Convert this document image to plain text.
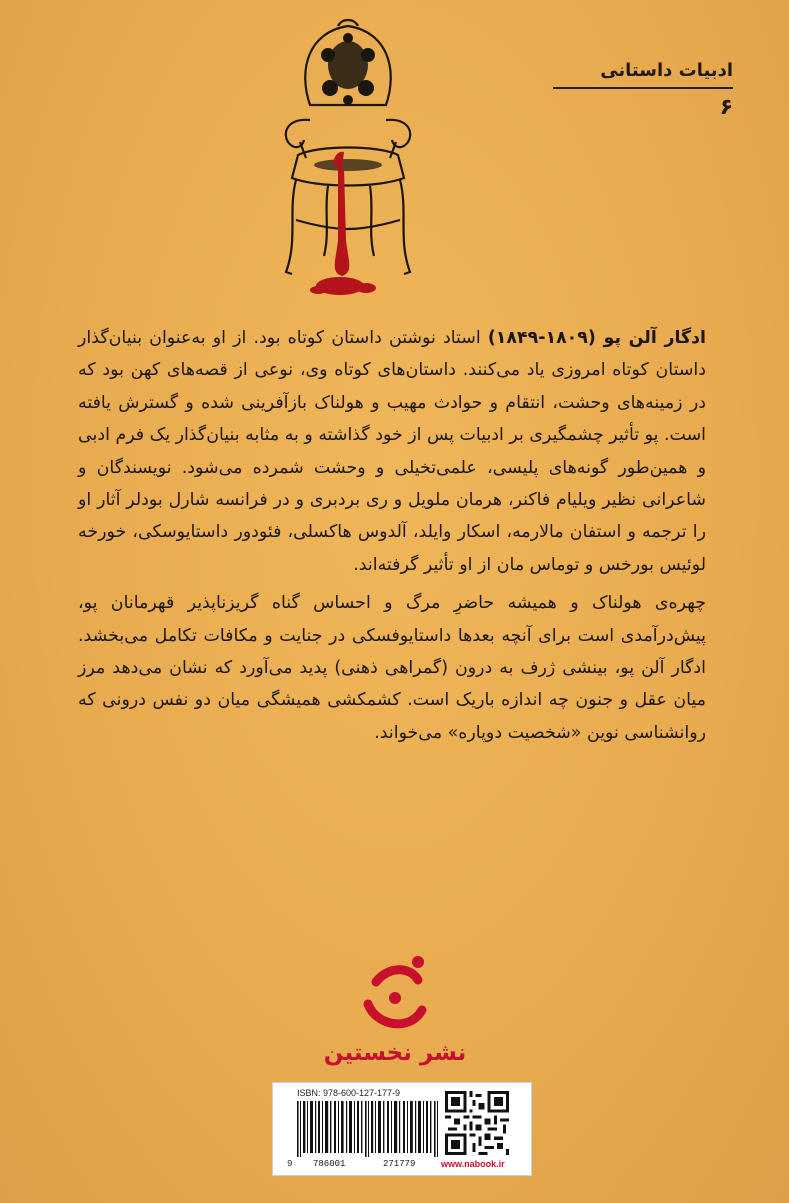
ادبیات داستانی
۶

ادگار آلن پو (۱۸۰۹-۱۸۴۹) استاد نوشتن داستان کوتاه بود. از او به‌عنوان بنیان‌گذار داستان کوتاه امروزی یاد می‌کنند. داستان‌های کوتاه وی، نوعی از قصه‌های کهن بود که در زمینه‌های وحشت، انتقام و حوادث مهیب و هولناک بازآفرینی شده و گسترش یافته است. پو تأثیر چشمگیری بر ادبیات پس از خود گذاشته و به مثابه بنیان‌گذار یک فرم ادبی و همین‌طور گونه‌های پلیسی، علمی‌تخیلی و وحشت شمرده می‌شود. نویسندگان و شاعرانی نظیر ویلیام فاکنر، هرمان ملویل و ری بردبری و در فرانسه شارل بودلر آثار او را ترجمه و استفان مالارمه، اسکار وایلد، آلدوس هاکسلی، فئودور داستایوسکی، خورخه لوئیس بورخس و توماس مان از او تأثیر گرفته‌اند.

چهره‌ی هولناک و همیشه حاضرِ مرگ و احساس گناه گریزناپذیر قهرمانان پو، پیش‌درآمدی است برای آنچه بعدها داستایوفسکی در جنایت و مکافات تکامل می‌بخشد. ادگار آلن پو، بینشی ژرف به درون (گمراهی ذهنی) پدید می‌آورد که نشان می‌دهد مرز میان عقل و جنون چه اندازه باریک است. کشمکشی همیشگی میان دو نفس درونی که روانشناسی نوین «شخصیت دوپاره» می‌خواند.

نشر نخستین
ISBN: 978-600-127-177-9
9 786001	271779	www.nabook.ir
